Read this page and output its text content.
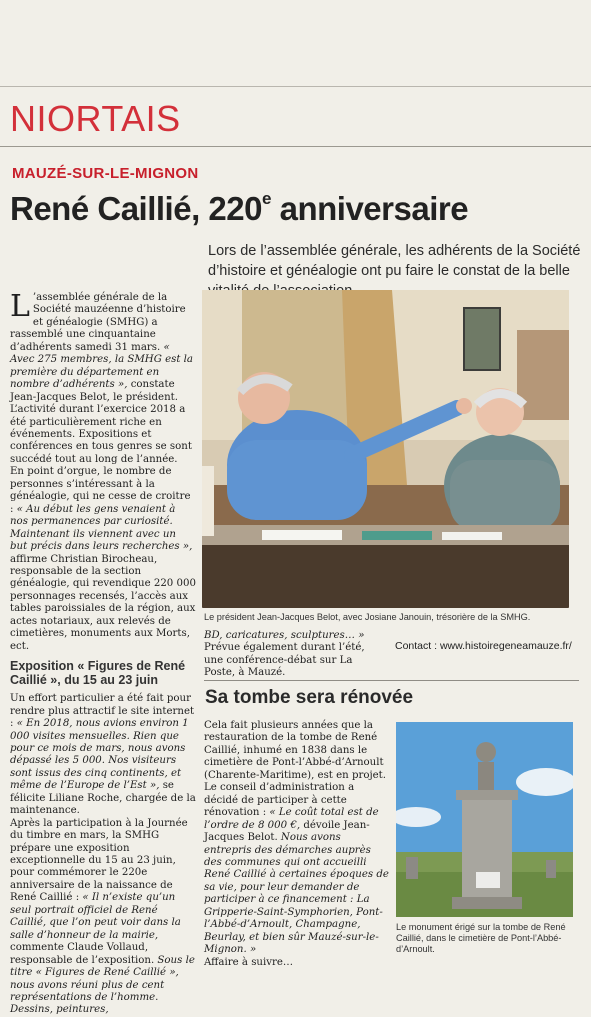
NIORTAIS
MAUZÉ-SUR-LE-MIGNON
René Caillié, 220e anniversaire
Lors de l’assemblée générale, les adhérents de la Société d’histoire et généalogie ont pu faire le constat de la belle

L ’assemblée générale de la Société mauzéenne d’histoire et généalogie (SMHG) a rassemblé une cinquantaine d’adhérents samedi 31 mars. « Avec 275 membres, la SMHG est la première du département en nombre d’adhérents », constate Jean-Jacques Belot, le président. L’activité durant l’exercice 2018 a été particulièrement riche en événements. Expositions et conférences en tous genres se sont succédé tout au long de l’année.

En point d’orgue, le nombre de personnes s’intéressant à la généalogie, qui ne cesse de croitre : « Au début les gens venaient à nos permanences par curiosité. Maintenant ils viennent avec un but précis dans leurs recherches », affirme Christian Birocheau, responsable de la section généalogie, qui revendique 220 000 personnages recensés, l’accès aux tables paroissiales de la région, aux actes notariaux, aux relevés de cimetières, monuments aux Morts, ect.

Exposition « Figures de René Caillié », du 15 au 23 juin

Un effort particulier a été fait pour rendre plus attractif le site internet : « En 2018, nous avions environ 1 000 visites mensuelles. Rien que pour ce mois de mars, nous avons dépassé les 5 000. Nos visiteurs sont issus des cinq continents, et même de l’Europe de l’Est », se félicite Liliane Roche, chargée de la maintenance.

Après la participation à la Journée du timbre en mars, la SMHG prépare une exposition exceptionnelle du 15 au 23 juin, pour commémorer le 220e anniversaire de la naissance de René Caillié : « Il n’existe qu’un seul portrait officiel de René Caillié, que l’on peut voir dans la salle d’honneur de la mairie, commente Claude Vollaud, responsable de l’exposition. Sous le titre « Figures de René Caillié », nous avons réuni plus de cent représentations de l’homme. Dessins, peintures,

Le président Jean-Jacques Belot, avec Josiane Janouin, trésorière de la SMHG.

BD, caricatures, sculptures… » Prévue également durant l’été, une conférence-débat sur La Poste, à Mauzé.

Contact : www.histoiregeneamauze.fr/
Sa tombe sera rénovée

Cela fait plusieurs années que la restauration de la tombe de René Caillié, inhumé en 1838 dans le cimetière de Pont-l’Abbé-d’Arnoult (Charente-Maritime), est en projet.

Le conseil d’administration a décidé de participer à cette rénovation : « Le coût total est de l’ordre de 8 000 €, dévoile Jean-Jacques Belot. Nous avons entrepris des démarches auprès des communes qui ont accueilli René Caillié à certaines époques de sa vie, pour leur demander de participer à ce financement : La Gripperie-Saint-Symphorien, Pont-l’Abbé-d’Arnoult, Champagne, Beurlay, et bien sûr Mauzé-sur-le-Mignon. »

Affaire à suivre…

Le monument érigé sur la tombe de René Caillié, dans le cimetière de Pont-l’Abbé-d’Arnoult.
